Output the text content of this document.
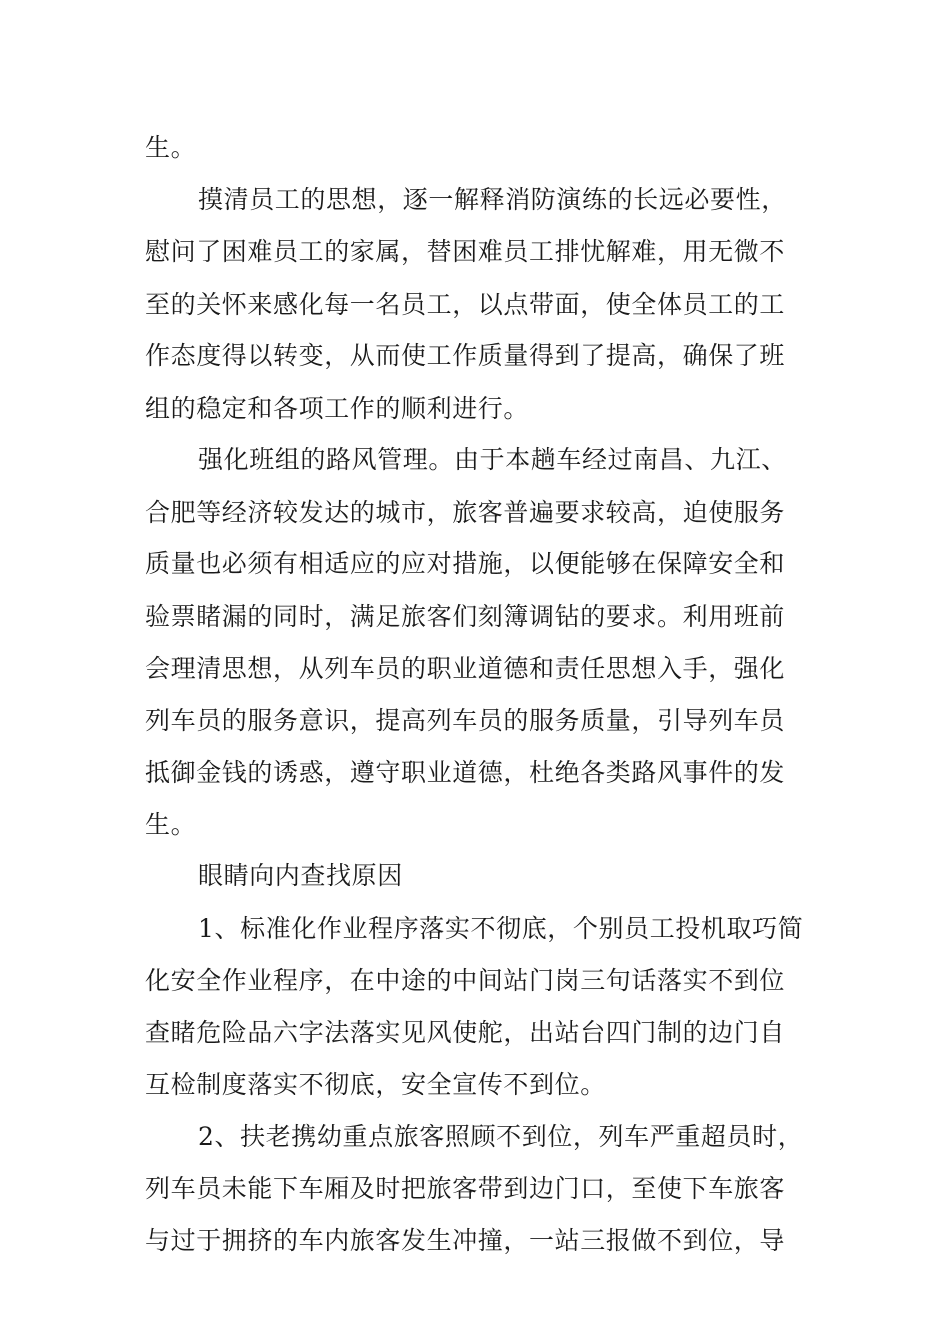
生。
摸清员工的思想，逐一解释消防演练的长远必要性，
慰问了困难员工的家属，替困难员工排忧解难，用无微不
至的关怀来感化每一名员工，以点带面，使全体员工的工
作态度得以转变，从而使工作质量得到了提高，确保了班
组的稳定和各项工作的顺利进行。
强化班组的路风管理。由于本趟车经过南昌、九江、
合肥等经济较发达的城市，旅客普遍要求较高，迫使服务
质量也必须有相适应的应对措施，以便能够在保障安全和
验票睹漏的同时，满足旅客们刻簿调钻的要求。利用班前
会理清思想，从列车员的职业道德和责任思想入手，强化
列车员的服务意识，提高列车员的服务质量，引导列车员
抵御金钱的诱惑，遵守职业道德，杜绝各类路风事件的发
生。
眼睛向内查找原因
1、标准化作业程序落实不彻底，个别员工投机取巧简
化安全作业程序，在中途的中间站门岗三句话落实不到位
查睹危险品六字法落实见风使舵，出站台四门制的边门自
互检制度落实不彻底，安全宣传不到位。
2、扶老携幼重点旅客照顾不到位，列车严重超员时，
列车员未能下车厢及时把旅客带到边门口，至使下车旅客
与过于拥挤的车内旅客发生冲撞，一站三报做不到位，导
